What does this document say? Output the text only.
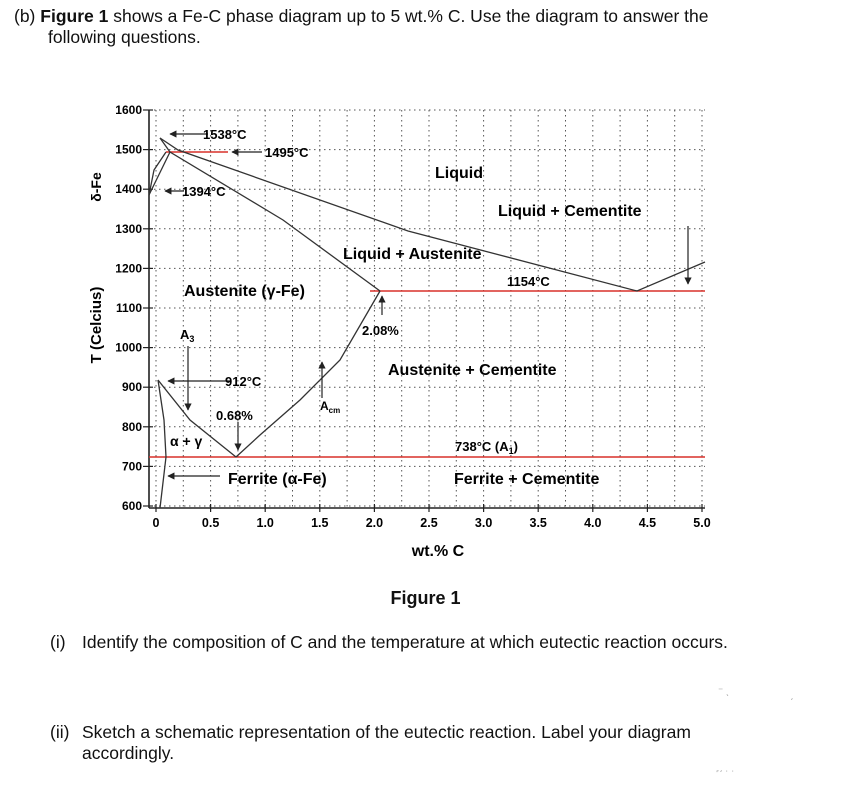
(b) Figure 1 shows a Fe-C phase diagram up to 5 wt.% C. Use the diagram to answer the
following questions.

0	0.5	1.0	1.5	2.0	2.5	3.0	3.5	4.0	4.5	5.0
600
700
800
900
1000
1100
1200
1300
1400
1500
1600
δ-Fe
T (Celcius)
wt.% C
Liquid
Liquid + Cementite
Liquid + Austenite
Austenite (γ-Fe)
Austenite + Cementite
α + γ
Ferrite (α-Fe)	Ferrite + Cementite
1538°C
1495°C
1394°C
1154°C
912°C
2.08%
0.68%
$A_3$
$A_{cm}$
738°C $(A_1)$
Figure 1

(i) Identify the composition of C and the temperature at which eutectic reaction occurs.

⁻ ˎ	ˏ

(ii) Sketch a schematic representation of the eutectic reaction. Label your diagram
accordingly.

˹ˊ ˙ ˙
